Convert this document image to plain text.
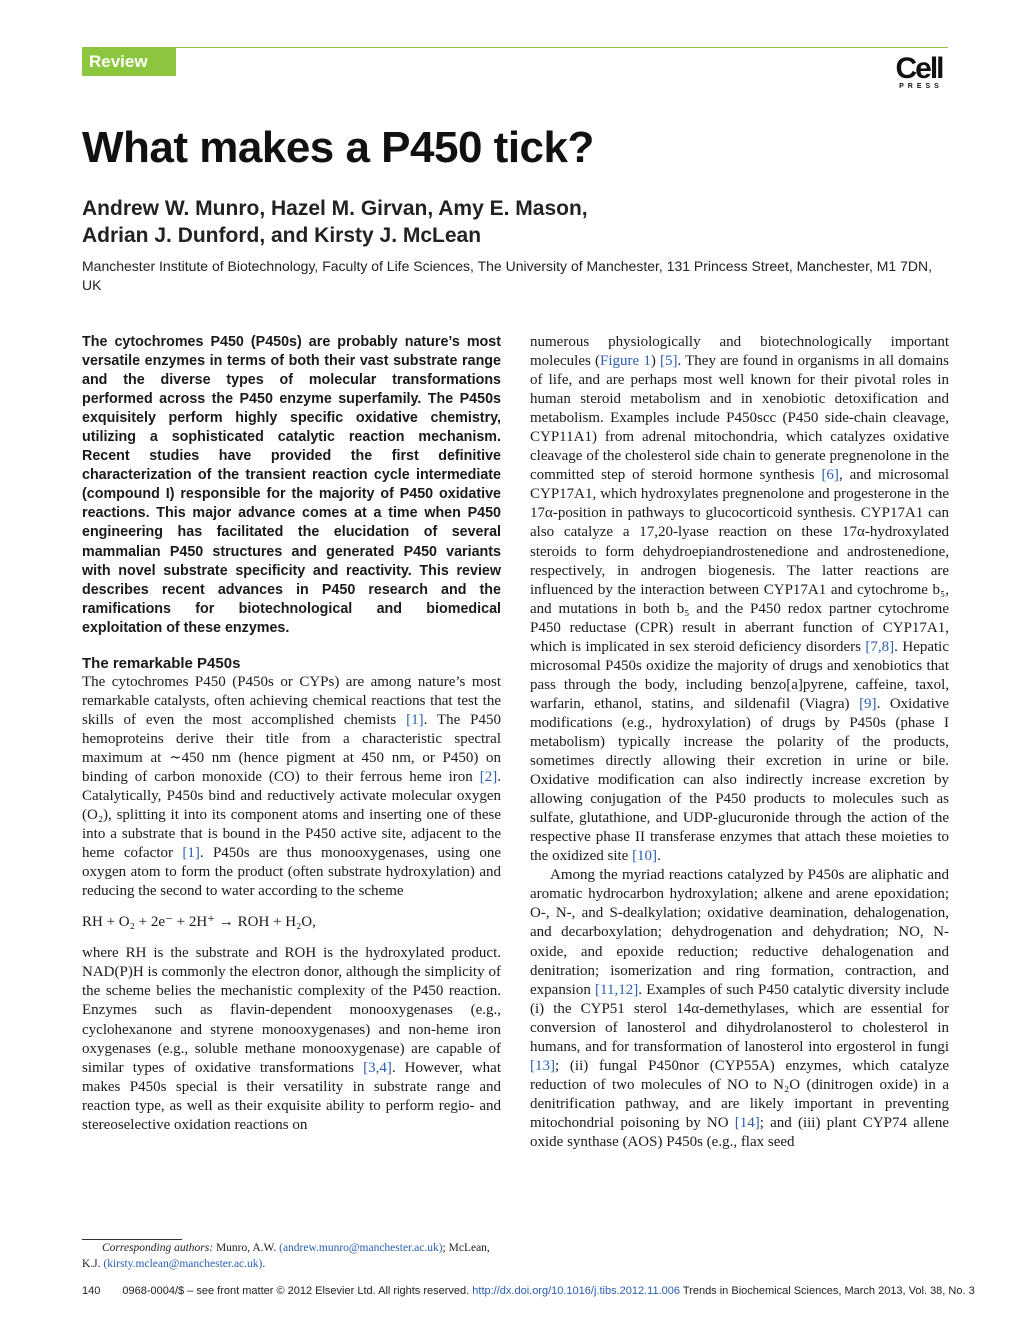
Review	Cell
PRESS
What makes a P450 tick?
Andrew W. Munro, Hazel M. Girvan, Amy E. Mason,
Adrian J. Dunford, and Kirsty J. McLean
Manchester Institute of Biotechnology, Faculty of Life Sciences, The University of Manchester, 131 Princess Street, Manchester, M1 7DN, UK

The cytochromes P450 (P450s) are probably nature’s most versatile enzymes in terms of both their vast substrate range and the diverse types of molecular transformations performed across the P450 enzyme superfamily. The P450s exquisitely perform highly specific oxidative chemistry, utilizing a sophisticated catalytic reaction mechanism. Recent studies have provided the first definitive characterization of the transient reaction cycle intermediate (compound I) responsible for the majority of P450 oxidative reactions. This major advance comes at a time when P450 engineering has facilitated the elucidation of several mammalian P450 structures and generated P450 variants with novel substrate specificity and reactivity. This review describes recent advances in P450 research and the ramifications for biotechnological and biomedical exploitation of these enzymes.

The remarkable P450s

The cytochromes P450 (P450s or CYPs) are among nature’s most remarkable catalysts, often achieving chemical reactions that test the skills of even the most accomplished chemists [1]. The P450 hemoproteins derive their title from a characteristic spectral maximum at ∼450 nm (hence pigment at 450 nm, or P450) on binding of carbon monoxide (CO) to their ferrous heme iron [2]. Catalytically, P450s bind and reductively activate molecular oxygen (O₂), splitting it into its component atoms and inserting one of these into a substrate that is bound in the P450 active site, adjacent to the heme cofactor [1]. P450s are thus monooxygenases, using one oxygen atom to form the product (often substrate hydroxylation) and reducing the second to water according to the scheme

RH + O₂ + 2e⁻ + 2H⁺ → ROH + H₂O,

where RH is the substrate and ROH is the hydroxylated product. NAD(P)H is commonly the electron donor, although the simplicity of the scheme belies the mechanistic complexity of the P450 reaction. Enzymes such as flavin-dependent monooxygenases (e.g., cyclohexanone and styrene monooxygenases) and non-heme iron oxygenases (e.g., soluble methane monooxygenase) are capable of similar types of oxidative transformations [3,4]. However, what makes P450s special is their versatility in substrate range and reaction type, as well as their exquisite ability to perform regio- and stereoselective oxidation reactions on

numerous physiologically and biotechnologically important molecules (Figure 1) [5]. They are found in organisms in all domains of life, and are perhaps most well known for their pivotal roles in human steroid metabolism and in xenobiotic detoxification and metabolism. Examples include P450scc (P450 side-chain cleavage, CYP11A1) from adrenal mitochondria, which catalyzes oxidative cleavage of the cholesterol side chain to generate pregnenolone in the committed step of steroid hormone synthesis [6], and microsomal CYP17A1, which hydroxylates pregnenolone and progesterone in the 17α-position in pathways to glucocorticoid synthesis. CYP17A1 can also catalyze a 17,20-lyase reaction on these 17α-hydroxylated steroids to form dehydroepiandrostenedione and androstenedione, respectively, in androgen biogenesis. The latter reactions are influenced by the interaction between CYP17A1 and cytochrome b₅, and mutations in both b₅ and the P450 redox partner cytochrome P450 reductase (CPR) result in aberrant function of CYP17A1, which is implicated in sex steroid deficiency disorders [7,8]. Hepatic microsomal P450s oxidize the majority of drugs and xenobiotics that pass through the body, including benzo[a]pyrene, caffeine, taxol, warfarin, ethanol, statins, and sildenafil (Viagra) [9]. Oxidative modifications (e.g., hydroxylation) of drugs by P450s (phase I metabolism) typically increase the polarity of the products, sometimes directly allowing their excretion in urine or bile. Oxidative modification can also indirectly increase excretion by allowing conjugation of the P450 products to molecules such as sulfate, glutathione, and UDP-glucuronide through the action of the respective phase II transferase enzymes that attach these moieties to the oxidized site [10].

Among the myriad reactions catalyzed by P450s are aliphatic and aromatic hydrocarbon hydroxylation; alkene and arene epoxidation; O-, N-, and S-dealkylation; oxidative deamination, dehalogenation, and decarboxylation; dehydrogenation and dehydration; NO, N-oxide, and epoxide reduction; reductive dehalogenation and denitration; isomerization and ring formation, contraction, and expansion [11,12]. Examples of such P450 catalytic diversity include (i) the CYP51 sterol 14α-demethylases, which are essential for conversion of lanosterol and dihydrolanosterol to cholesterol in humans, and for transformation of lanosterol into ergosterol in fungi [13]; (ii) fungal P450nor (CYP55A) enzymes, which catalyze reduction of two molecules of NO to N₂O (dinitrogen oxide) in a denitrification pathway, and are likely important in preventing mitochondrial poisoning by NO [14]; and (iii) plant CYP74 allene oxide synthase (AOS) P450s (e.g., flax seed

Corresponding authors: Munro, A.W. (andrew.munro@manchester.ac.uk); McLean, K.J. (kirsty.mclean@manchester.ac.uk).
140 0968-0004/$ – see front matter © 2012 Elsevier Ltd. All rights reserved. http://dx.doi.org/10.1016/j.tibs.2012.11.006 Trends in Biochemical Sciences, March 2013, Vol. 38, No. 3
